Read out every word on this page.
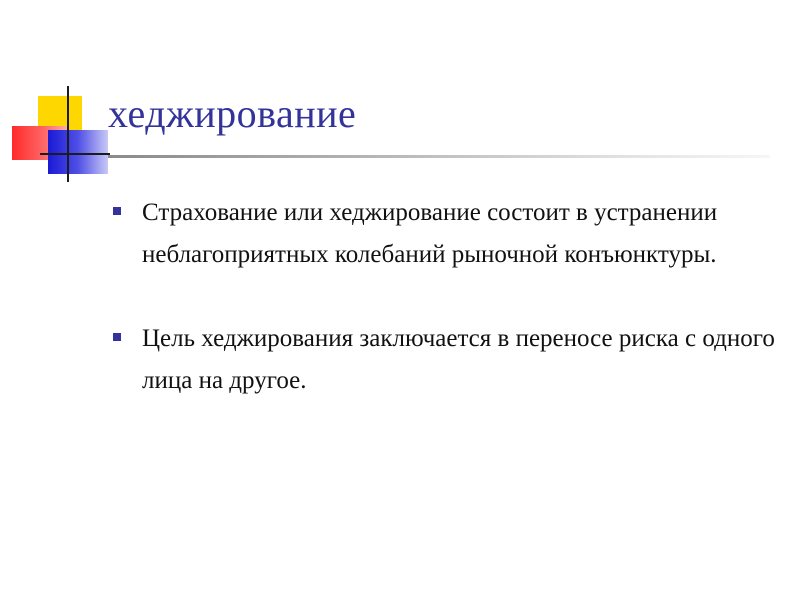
хеджирование
Страхование или хеджирование состоит в устранении неблагоприятных колебаний рыночной конъюнктуры.
Цель хеджирования заключается в переносе риска с одного лица на другое.
